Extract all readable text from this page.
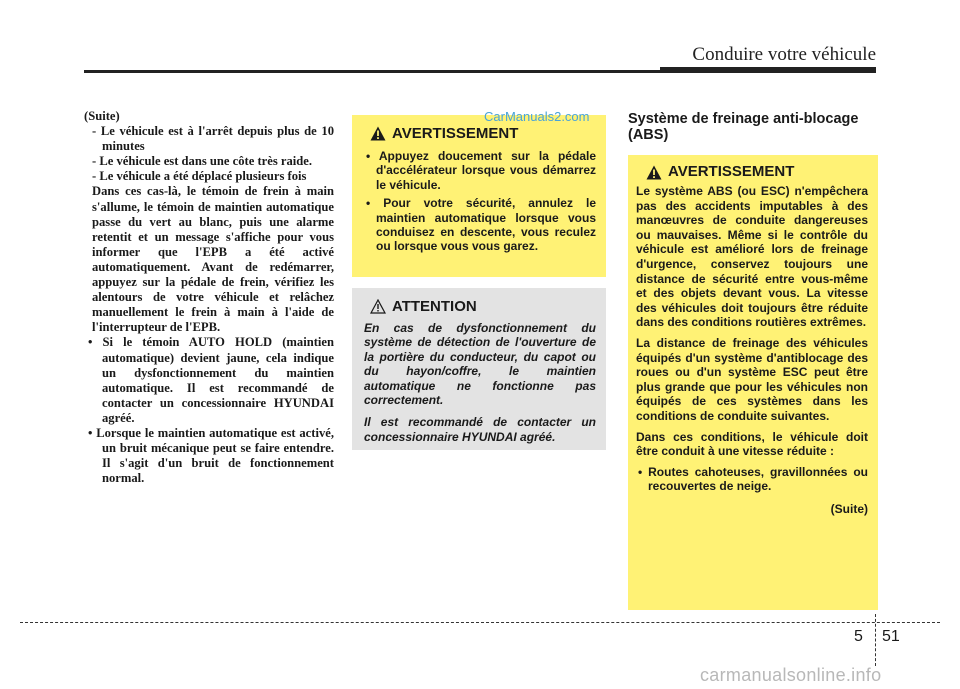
Conduire votre véhicule

(Suite)

- Le véhicule est à l'arrêt depuis plus de 10 minutes

- Le véhicule est dans une côte très raide.

- Le véhicule a été déplacé plusieurs fois

Dans ces cas-là, le témoin de frein à main s'allume, le témoin de maintien automatique passe du vert au blanc, puis une alarme retentit et un message s'affiche pour vous informer que l'EPB a été activé automatiquement. Avant de redémarrer, appuyez sur la pédale de frein, vérifiez les alentours de votre véhicule et relâchez manuellement le frein à main à l'aide de l'interrupteur de l'EPB.

• Si le témoin AUTO HOLD (maintien automatique) devient jaune, cela indique un dysfonctionnement du maintien automatique. Il est recommandé de contacter un concessionnaire HYUNDAI agréé.

• Lorsque le maintien automatique est activé, un bruit mécanique peut se faire entendre. Il s'agit d'un bruit de fonctionnement normal.

AVERTISSEMENT
• Appuyez doucement sur la pédale d'accélérateur lorsque vous démarrez le véhicule.
• Pour votre sécurité, annulez le maintien automatique lorsque vous conduisez en descente, vous reculez ou lorsque vous vous garez.
ATTENTION

En cas de dysfonctionnement du système de détection de l'ouverture de la portière du conducteur, du capot ou du hayon/coffre, le maintien automatique ne fonctionne pas correctement.

Il est recommandé de contacter un concessionnaire HYUNDAI agréé.

Système de freinage anti-blocage (ABS)
AVERTISSEMENT

Le système ABS (ou ESC) n'empêchera pas des accidents imputables à des manœuvres de conduite dangereuses ou mauvaises. Même si le contrôle du véhicule est amélioré lors de freinage d'urgence, conservez toujours une distance de sécurité entre vous-même et des objets devant vous. La vitesse des véhicules doit toujours être réduite dans des conditions routières extrêmes.

La distance de freinage des véhicules équipés d'un système d'antiblocage des roues ou d'un système ESC peut être plus grande que pour les véhicules non équipés de ces systèmes dans les conditions de conduite suivantes.

Dans ces conditions, le véhicule doit être conduit à une vitesse réduite :

• Routes cahoteuses, gravillonnées ou recouvertes de neige.
(Suite)
CarManuals2.com
5 51
carmanualsonline.info
